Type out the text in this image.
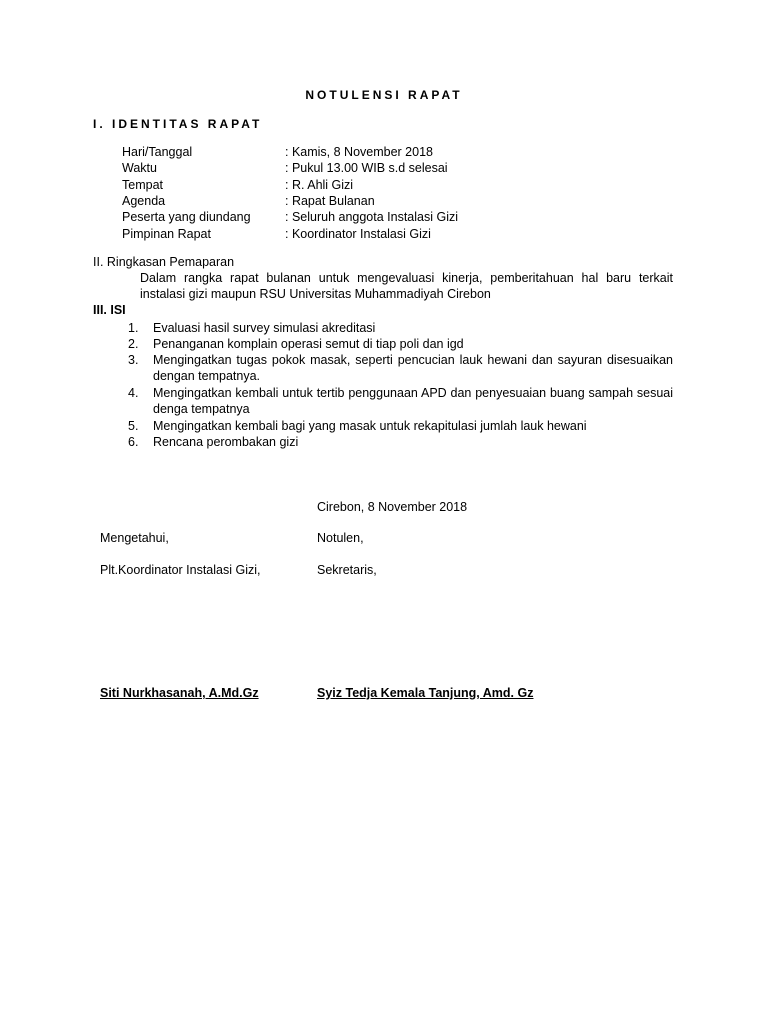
NOTULENSI RAPAT
I. IDENTITAS RAPAT
Hari/Tanggal	: Kamis, 8 November 2018
Waktu	: Pukul 13.00 WIB s.d selesai
Tempat	: R. Ahli Gizi
Agenda	: Rapat Bulanan
Peserta yang diundang	: Seluruh anggota Instalasi Gizi
Pimpinan Rapat	: Koordinator Instalasi Gizi
II. Ringkasan Pemaparan
Dalam rangka rapat bulanan untuk mengevaluasi kinerja, pemberitahuan hal baru terkait instalasi gizi maupun RSU Universitas Muhammadiyah Cirebon
III. ISI
1.	Evaluasi hasil survey simulasi akreditasi
2.	Penanganan komplain operasi semut di tiap poli dan igd
3.	Mengingatkan tugas pokok masak, seperti pencucian lauk hewani dan sayuran disesuaikan dengan tempatnya.
4.	Mengingatkan kembali untuk tertib penggunaan APD dan penyesuaian buang sampah sesuai denga tempatnya
5.	Mengingatkan kembali bagi yang masak untuk rekapitulasi jumlah lauk hewani
6.	Rencana perombakan gizi
Cirebon, 8 November 2018
Mengetahui,	Notulen,
Plt.Koordinator Instalasi Gizi,	Sekretaris,
Siti Nurkhasanah, A.Md.Gz	Syiz Tedja Kemala Tanjung, Amd. Gz
